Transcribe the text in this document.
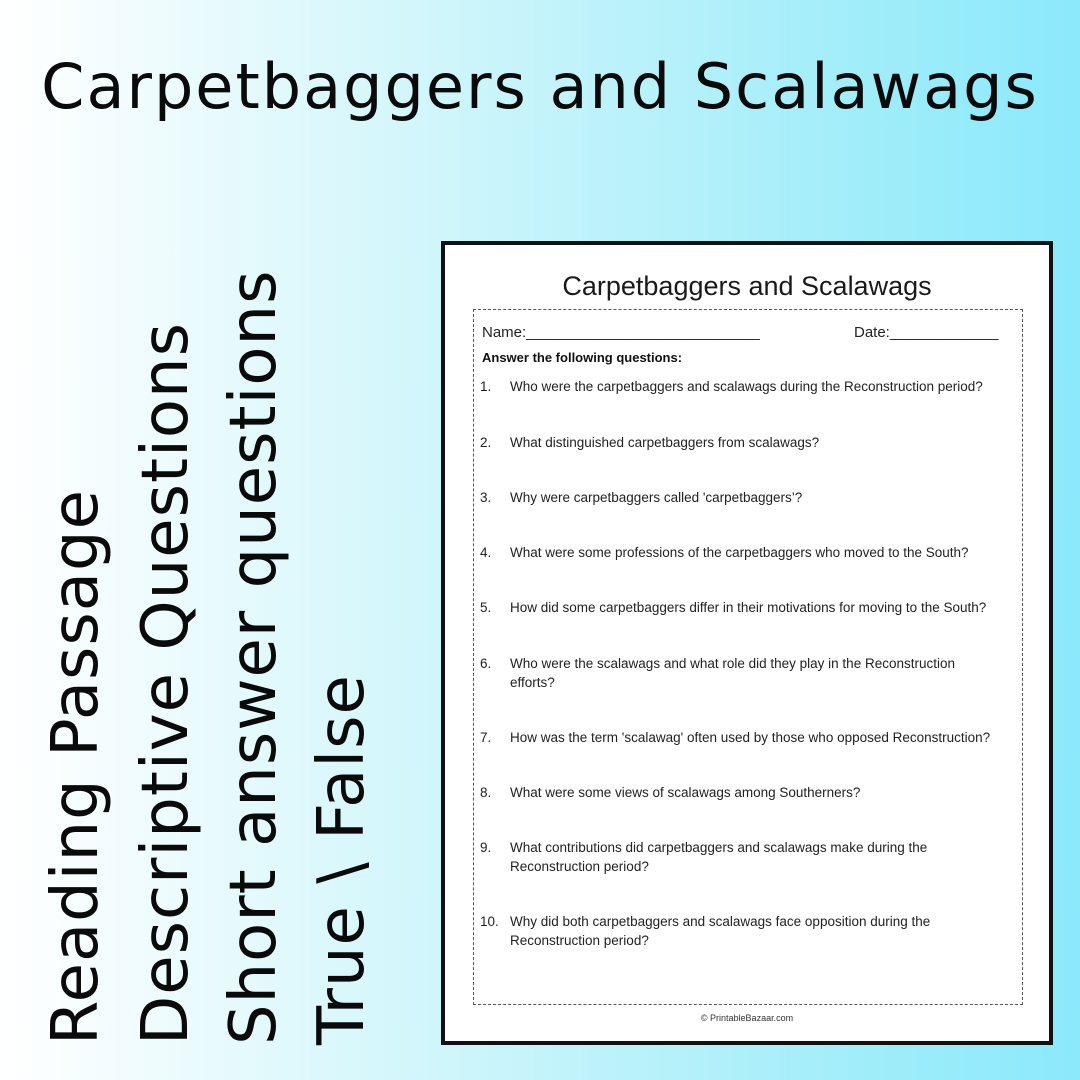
Carpetbaggers and Scalawags
Reading Passage Descriptive Questions Short answer questions True \ False
Carpetbaggers and Scalawags
Name:____________________________	Date:_____________
Answer the following questions:
1. Who were the carpetbaggers and scalawags during the Reconstruction period?
2. What distinguished carpetbaggers from scalawags?
3. Why were carpetbaggers called 'carpetbaggers’?
4. What were some professions of the carpetbaggers who moved to the South?
5. How did some carpetbaggers differ in their motivations for moving to the South?
6. Who were the scalawags and what role did they play in the Reconstruction efforts?
7. How was the term 'scalawag' often used by those who opposed Reconstruction?
8. What were some views of scalawags among Southerners?
9. What contributions did carpetbaggers and scalawags make during the Reconstruction period?
10. Why did both carpetbaggers and scalawags face opposition during the Reconstruction period?
© PrintableBazaar.com
